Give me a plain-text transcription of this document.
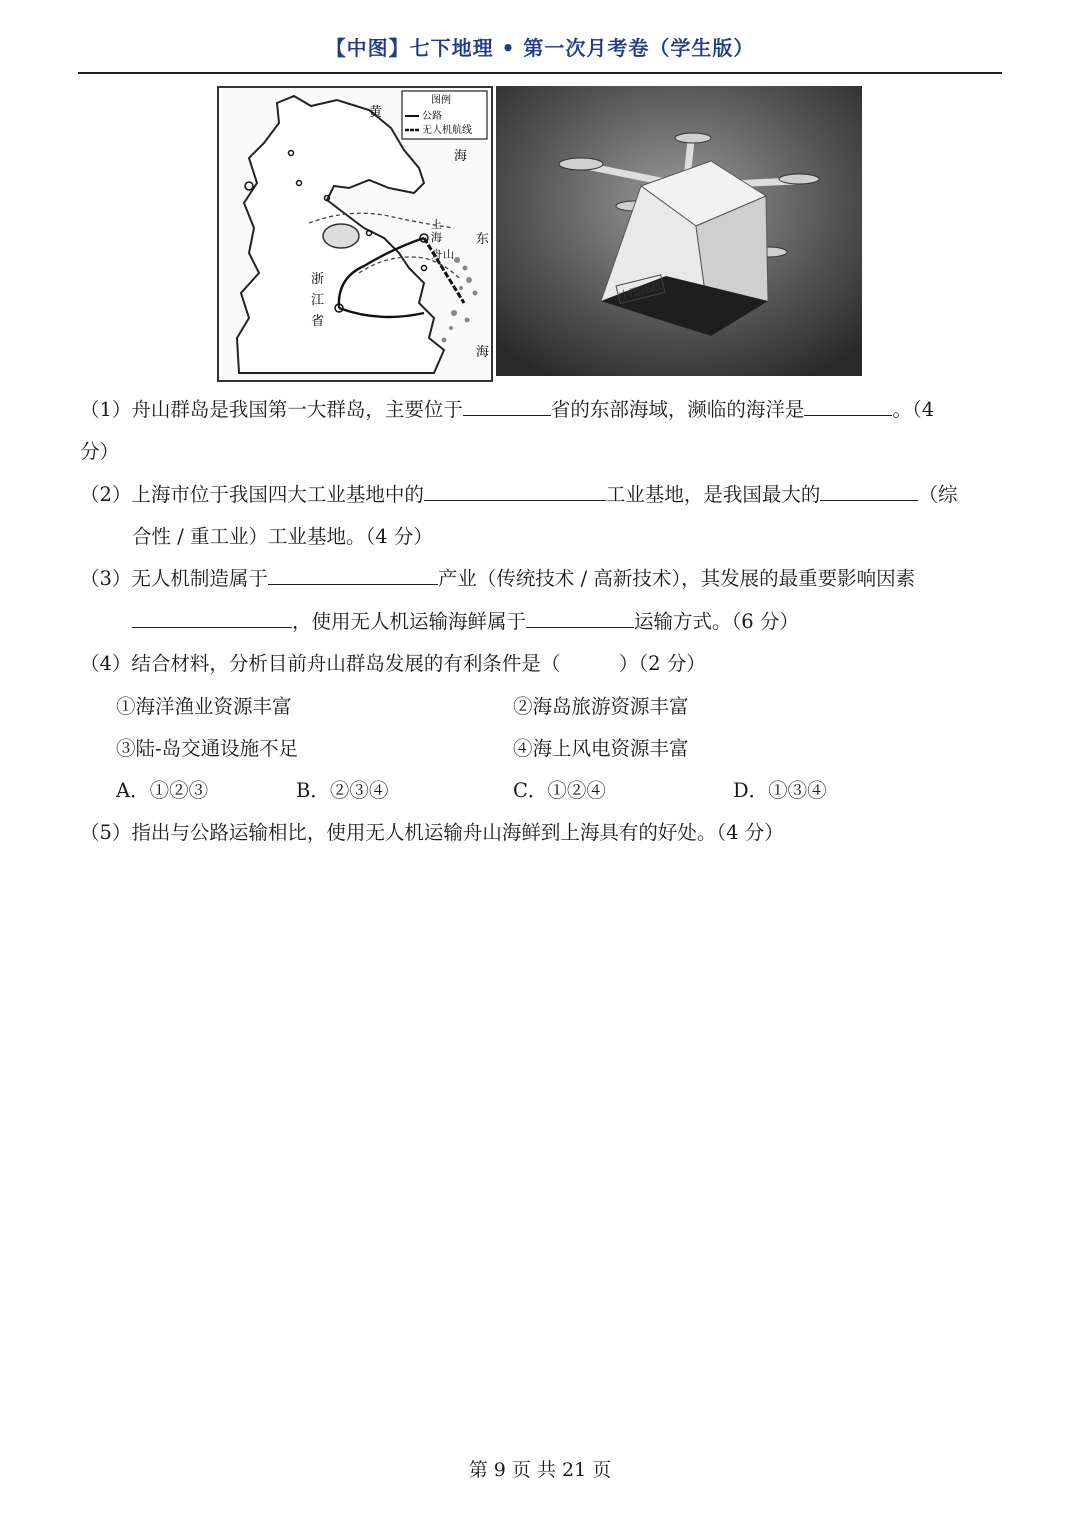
【中图】七下地理 • 第一次月考卷（学生版）
图例
公路
无人机航线
黄
海
东
海
上
海
舟 山
浙
江
省
中国邮政
（1）舟山群岛是我国第一大群岛，主要位于	省的东部海域，濒临的海洋是	。（4
分）
（2）上海市位于我国四大工业基地中的	工业基地，是我国最大的	（综
合性 / 重工业）工业基地。（4 分）
（3）无人机制造属于	产业（传统技术 / 高新技术），其发展的最重要影响因素
，使用无人机运输海鲜属于	运输方式。（6 分）
（4）结合材料，分析目前舟山群岛发展的有利条件是（　　　）（2 分）
①海洋渔业资源丰富	②海岛旅游资源丰富
③陆-岛交通设施不足	④海上风电资源丰富
A．①②③	B．②③④	C．①②④	D．①③④
（5）指出与公路运输相比，使用无人机运输舟山海鲜到上海具有的好处。（4 分）
第 9 页 共 21 页
